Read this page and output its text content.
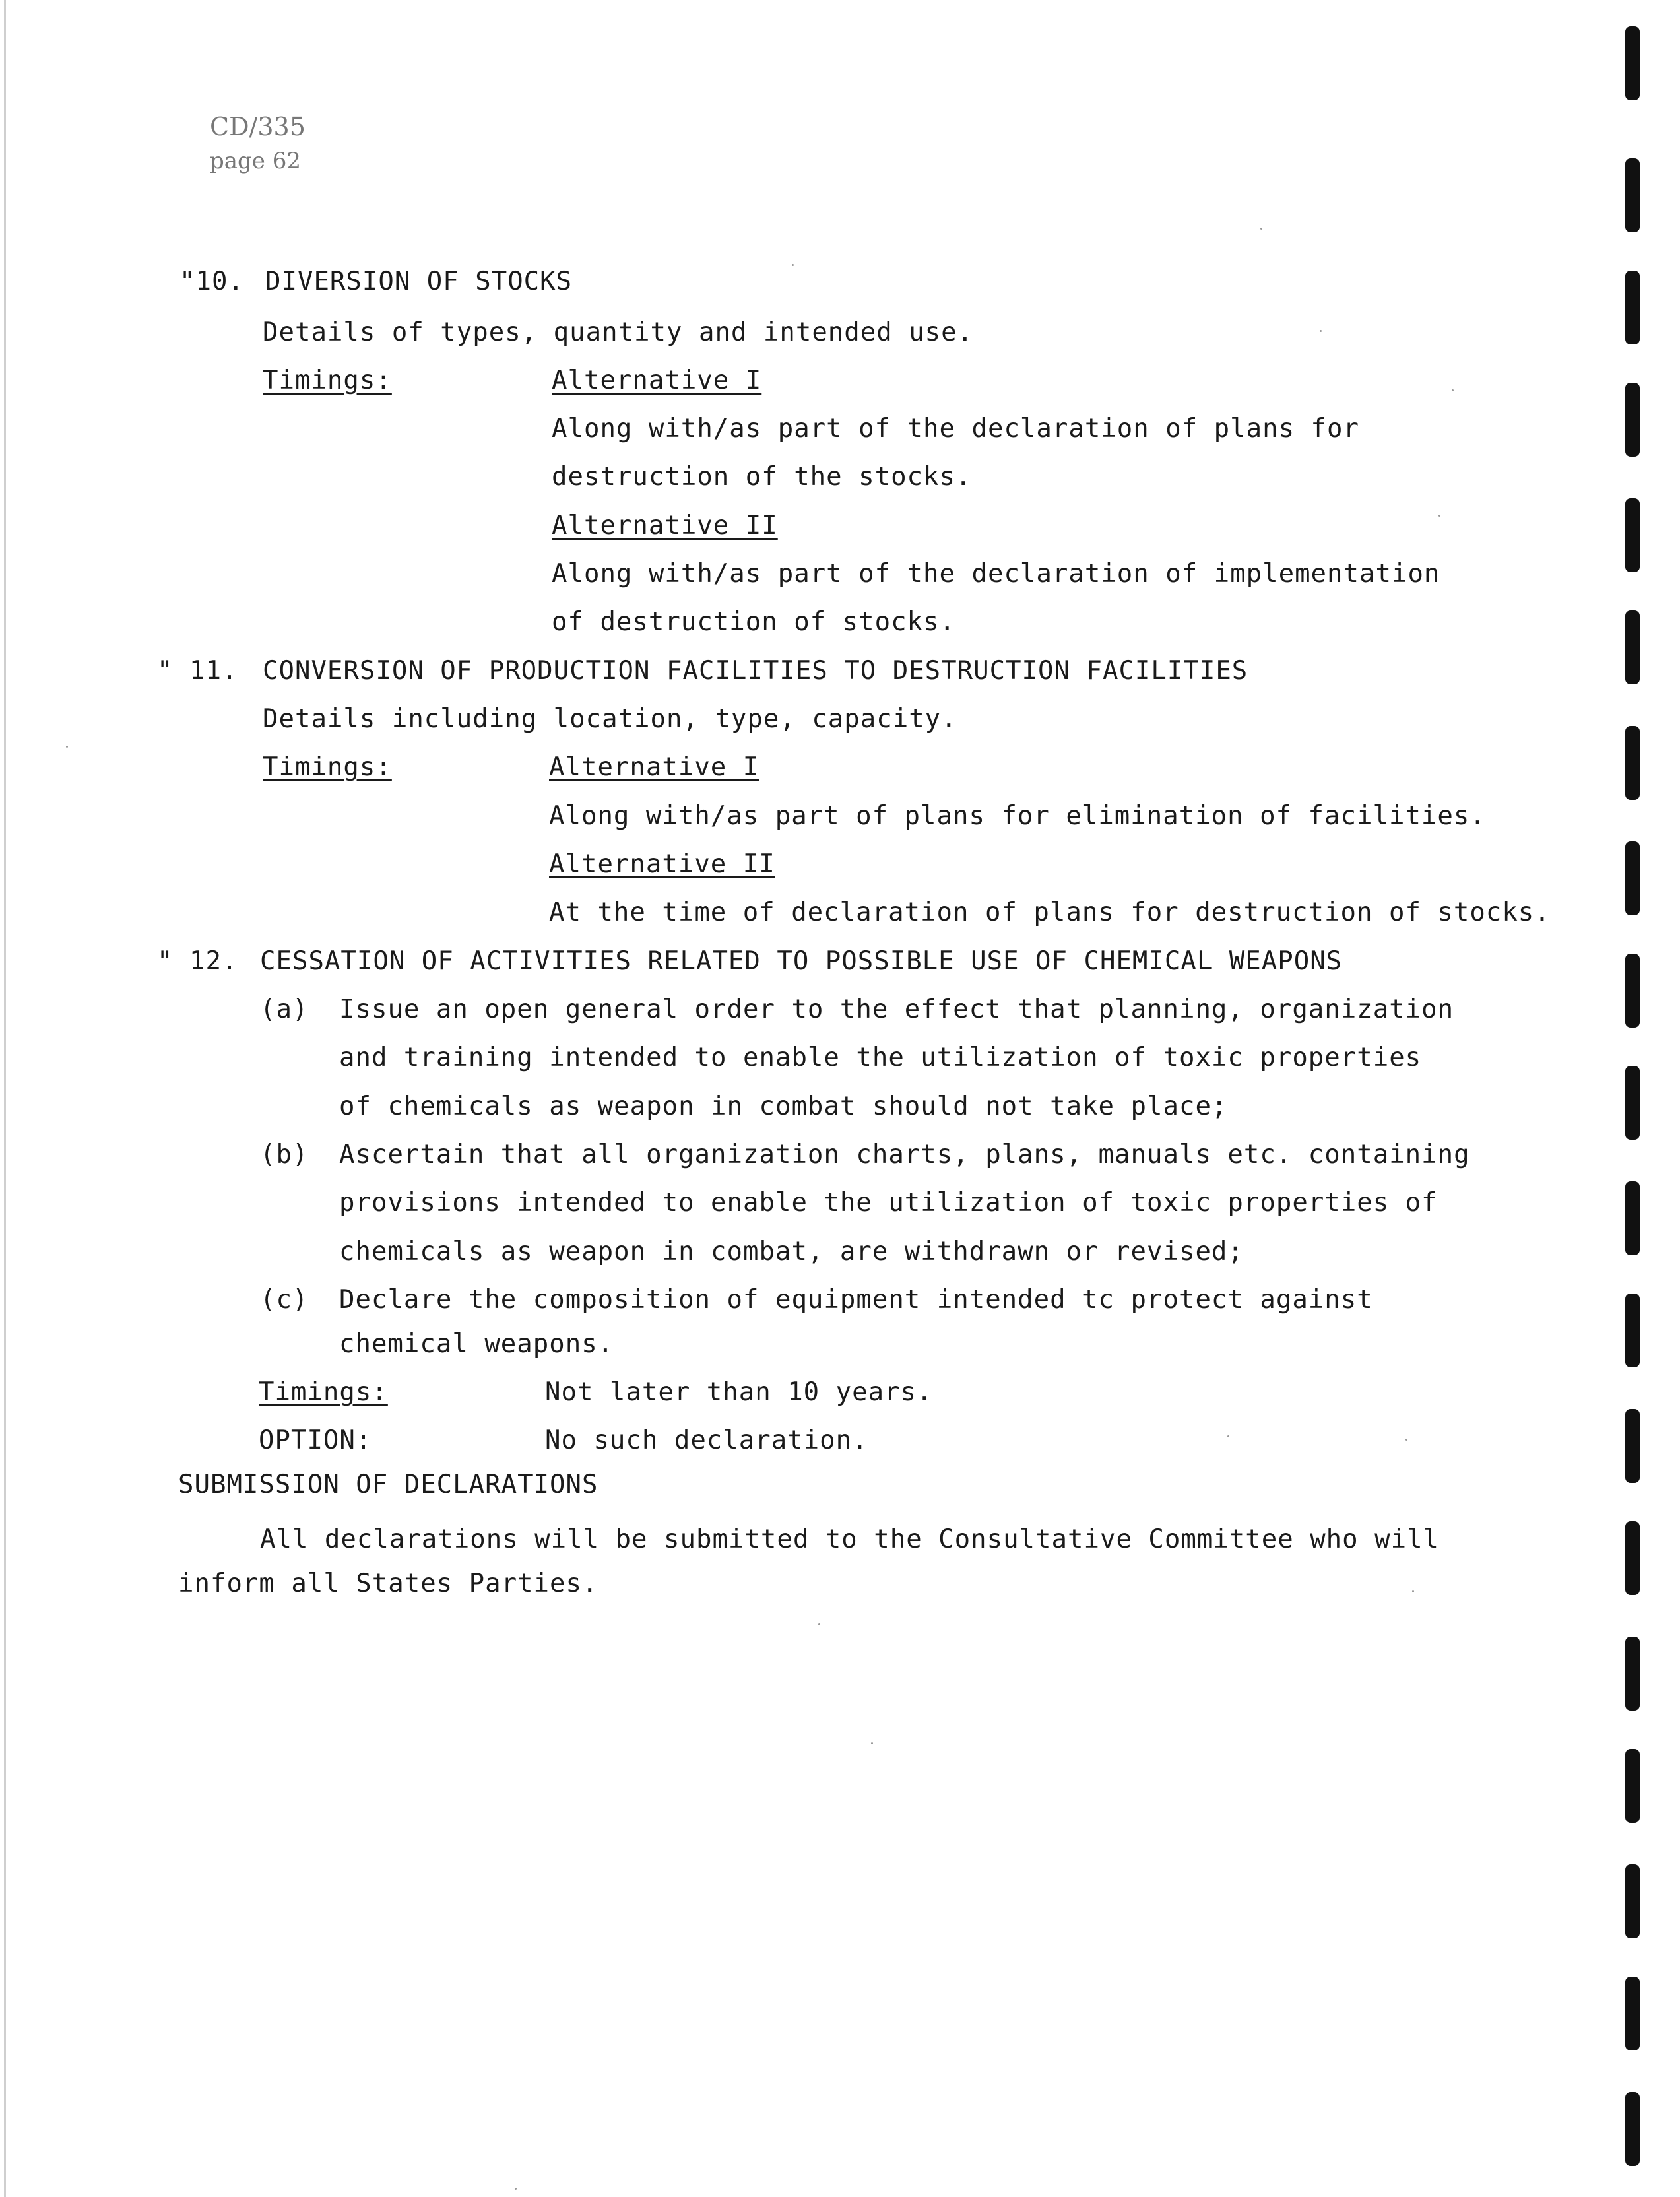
CD/335
page 62
"10. DIVERSION OF STOCKS
Details of types, quantity and intended use.
Timings:	Alternative I
Along with/as part of the declaration of plans for
destruction of the stocks.
Alternative II
Along with/as part of the declaration of implementation
of destruction of stocks.
" 11. CONVERSION OF PRODUCTION FACILITIES TO DESTRUCTION FACILITIES
Details including location, type, capacity.
Timings:	Alternative I
Along with/as part of plans for elimination of facilities.
Alternative II
At the time of declaration of plans for destruction of stocks.
" 12. CESSATION OF ACTIVITIES RELATED TO POSSIBLE USE OF CHEMICAL WEAPONS
(a) Issue an open general order to the effect that planning, organization
and training intended to enable the utilization of toxic properties
of chemicals as weapon in combat should not take place;
(b) Ascertain that all organization charts, plans, manuals etc. containing
provisions intended to enable the utilization of toxic properties of
chemicals as weapon in combat, are withdrawn or revised;
(c) Declare the composition of equipment intended tc protect against
chemical weapons.
Timings:	Not later than 10 years.
OPTION:	No such declaration.
SUBMISSION OF DECLARATIONS
All declarations will be submitted to the Consultative Committee who will
inform all States Parties.
